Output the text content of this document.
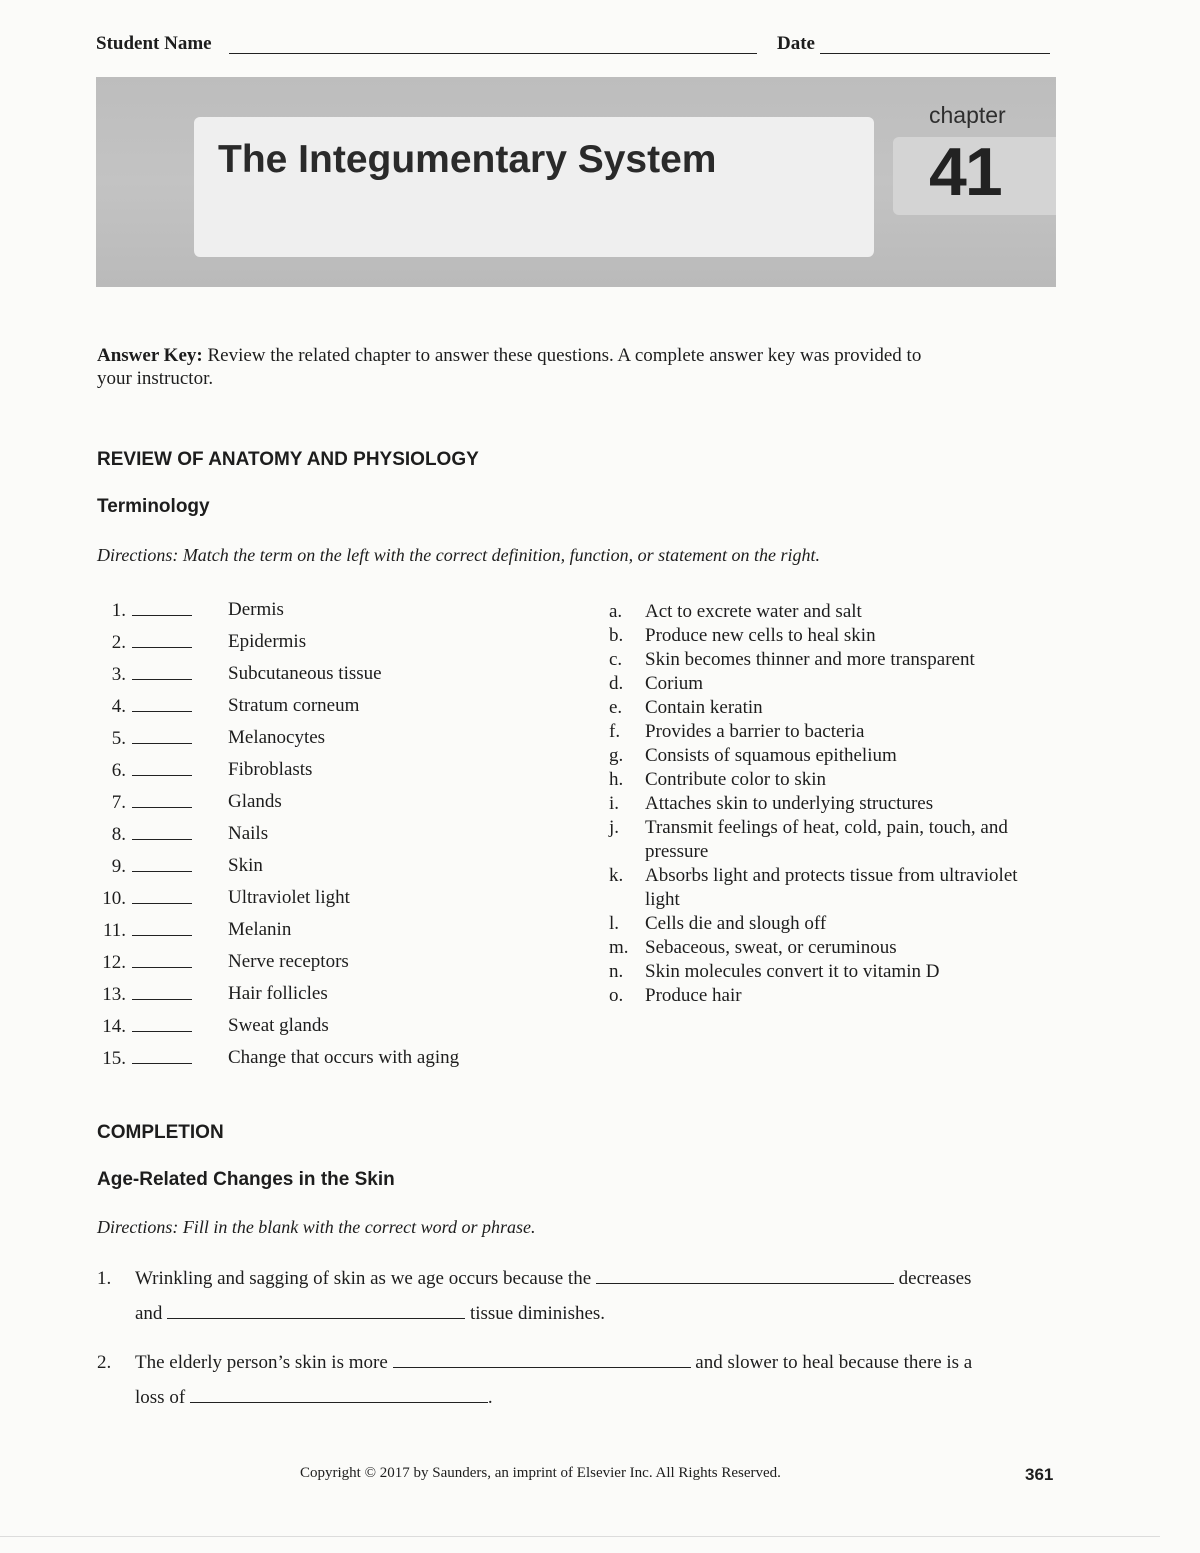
Student Name	Date
The Integumentary System
chapter
41
Answer Key: Review the related chapter to answer these questions. A complete answer key was provided to
your instructor.
REVIEW OF ANATOMY AND PHYSIOLOGY
Terminology
Directions: Match the term on the left with the correct definition, function, or statement on the right.
1.	Dermis
2.	Epidermis
3.	Subcutaneous tissue
4.	Stratum corneum
5.	Melanocytes
6.	Fibroblasts
7.	Glands
8.	Nails
9.	Skin
10.	Ultraviolet light
11.	Melanin
12.	Nerve receptors
13.	Hair follicles
14.	Sweat glands
15.	Change that occurs with aging
a.	Act to excrete water and salt
b.	Produce new cells to heal skin
c.	Skin becomes thinner and more transparent
d.	Corium
e.	Contain keratin
f.	Provides a barrier to bacteria
g.	Consists of squamous epithelium
h.	Contribute color to skin
i.	Attaches skin to underlying structures
j.	Transmit feelings of heat, cold, pain, touch, and pressure
k.	Absorbs light and protects tissue from ultraviolet light
l.	Cells die and slough off
m. Sebaceous, sweat, or ceruminous
n.	Skin molecules convert it to vitamin D
o.	Produce hair
COMPLETION
Age-Related Changes in the Skin
Directions: Fill in the blank with the correct word or phrase.
1. Wrinkling and sagging of skin as we age occurs because the	decreases
and	tissue diminishes.
2. The elderly person’s skin is more	and slower to heal because there is a
loss of	.
Copyright © 2017 by Saunders, an imprint of Elsevier Inc. All Rights Reserved.	361
